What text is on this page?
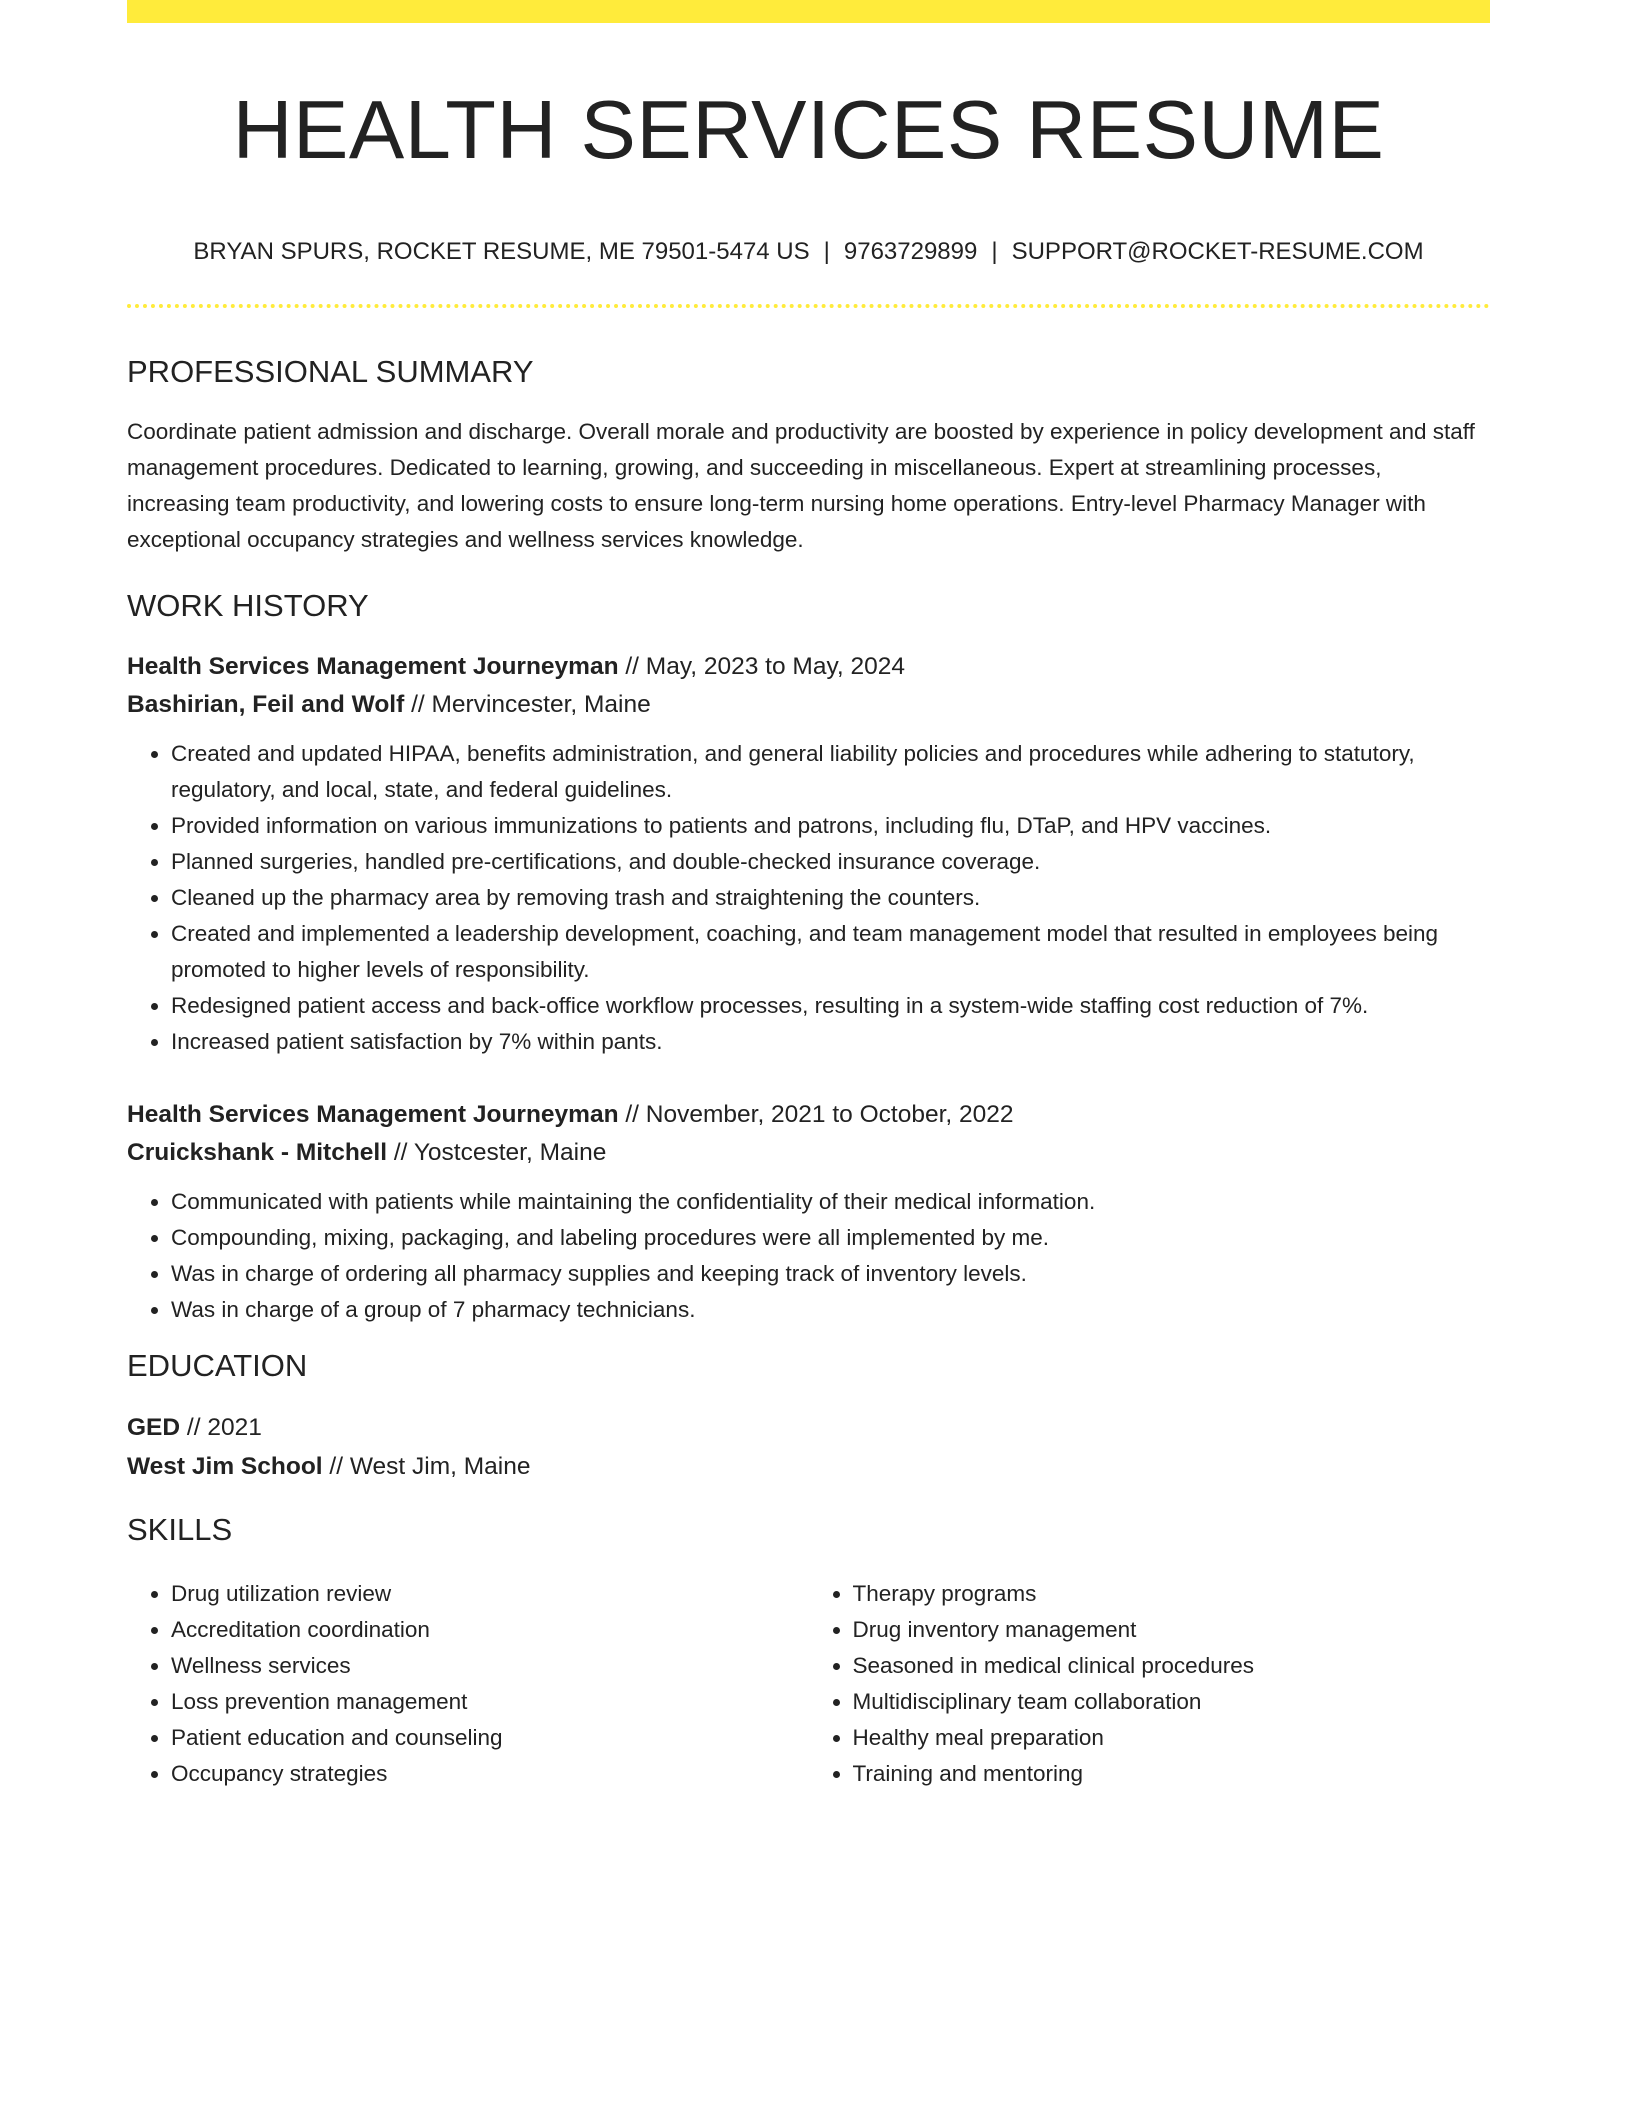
HEALTH SERVICES RESUME
BRYAN SPURS, ROCKET RESUME, ME 79501-5474 US | 9763729899 | SUPPORT@ROCKET-RESUME.COM
PROFESSIONAL SUMMARY

Coordinate patient admission and discharge. Overall morale and productivity are boosted by experience in policy development and staff management procedures. Dedicated to learning, growing, and succeeding in miscellaneous. Expert at streamlining processes, increasing team productivity, and lowering costs to ensure long-term nursing home operations. Entry-level Pharmacy Manager with exceptional occupancy strategies and wellness services knowledge.

WORK HISTORY
Health Services Management Journeyman // May, 2023 to May, 2024
Bashirian, Feil and Wolf // Mervincester, Maine
• Created and updated HIPAA, benefits administration, and general liability policies and procedures while adhering to statutory, regulatory, and local, state, and federal guidelines.
• Provided information on various immunizations to patients and patrons, including flu, DTaP, and HPV vaccines.
• Planned surgeries, handled pre-certifications, and double-checked insurance coverage.
• Cleaned up the pharmacy area by removing trash and straightening the counters.
• Created and implemented a leadership development, coaching, and team management model that resulted in employees being promoted to higher levels of responsibility.
• Redesigned patient access and back-office workflow processes, resulting in a system-wide staffing cost reduction of 7%.
• Increased patient satisfaction by 7% within pants.
Health Services Management Journeyman // November, 2021 to October, 2022
Cruickshank - Mitchell // Yostcester, Maine
• Communicated with patients while maintaining the confidentiality of their medical information.
• Compounding, mixing, packaging, and labeling procedures were all implemented by me.
• Was in charge of ordering all pharmacy supplies and keeping track of inventory levels.
• Was in charge of a group of 7 pharmacy technicians.
EDUCATION
GED // 2021
West Jim School // West Jim, Maine
SKILLS
• Drug utilization review
• Accreditation coordination
• Wellness services
• Loss prevention management
• Patient education and counseling
• Occupancy strategies
• Therapy programs
• Drug inventory management
• Seasoned in medical clinical procedures
• Multidisciplinary team collaboration
• Healthy meal preparation
• Training and mentoring
